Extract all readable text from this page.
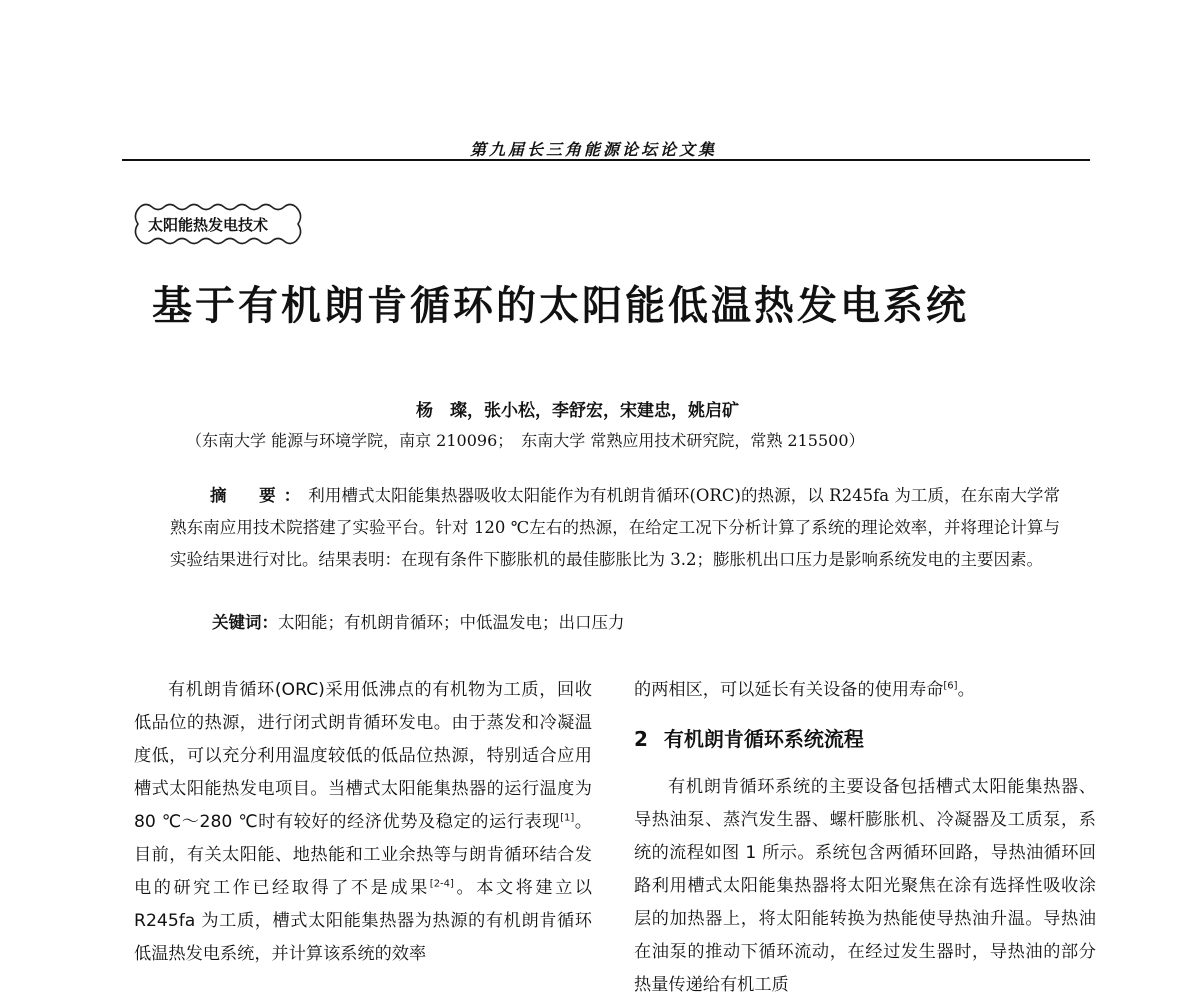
第九届长三角能源论坛论文集
太阳能热发电技术
基于有机朗肯循环的太阳能低温热发电系统
杨　璨，张小松，李舒宏，宋建忠，姚启矿
（东南大学 能源与环境学院，南京 210096；　东南大学 常熟应用技术研究院，常熟 215500）

摘　要：利用槽式太阳能集热器吸收太阳能作为有机朗肯循环(ORC)的热源，以 R245fa 为工质，在东南大学常熟东南应用技术院搭建了实验平台。针对 120 ℃左右的热源，在给定工况下分析计算了系统的理论效率，并将理论计算与实验结果进行对比。结果表明：在现有条件下膨胀机的最佳膨胀比为 3.2；膨胀机出口压力是影响系统发电的主要因素。

关键词：太阳能；有机朗肯循环；中低温发电；出口压力

有机朗肯循环(ORC)采用低沸点的有机物为工质，回收低品位的热源，进行闭式朗肯循环发电。由于蒸发和冷凝温度低，可以充分利用温度较低的低品位热源，特别适合应用槽式太阳能热发电项目。当槽式太阳能集热器的运行温度为 80 ℃～280 ℃时有较好的经济优势及稳定的运行表现[1]。目前，有关太阳能、地热能和工业余热等与朗肯循环结合发电的研究工作已经取得了不是成果[2-4]。本文将建立以 R245fa 为工质，槽式太阳能集热器为热源的有机朗肯循环低温热发电系统，并计算该系统的效率

的两相区，可以延长有关设备的使用寿命[6]。

2 有机朗肯循环系统流程

有机朗肯循环系统的主要设备包括槽式太阳能集热器、导热油泵、蒸汽发生器、螺杆膨胀机、冷凝器及工质泵，系统的流程如图 1 所示。系统包含两循环回路，导热油循环回路利用槽式太阳能集热器将太阳光聚焦在涂有选择性吸收涂层的加热器上，将太阳能转换为热能使导热油升温。导热油在油泵的推动下循环流动，在经过发生器时，导热油的部分热量传递给有机工质
